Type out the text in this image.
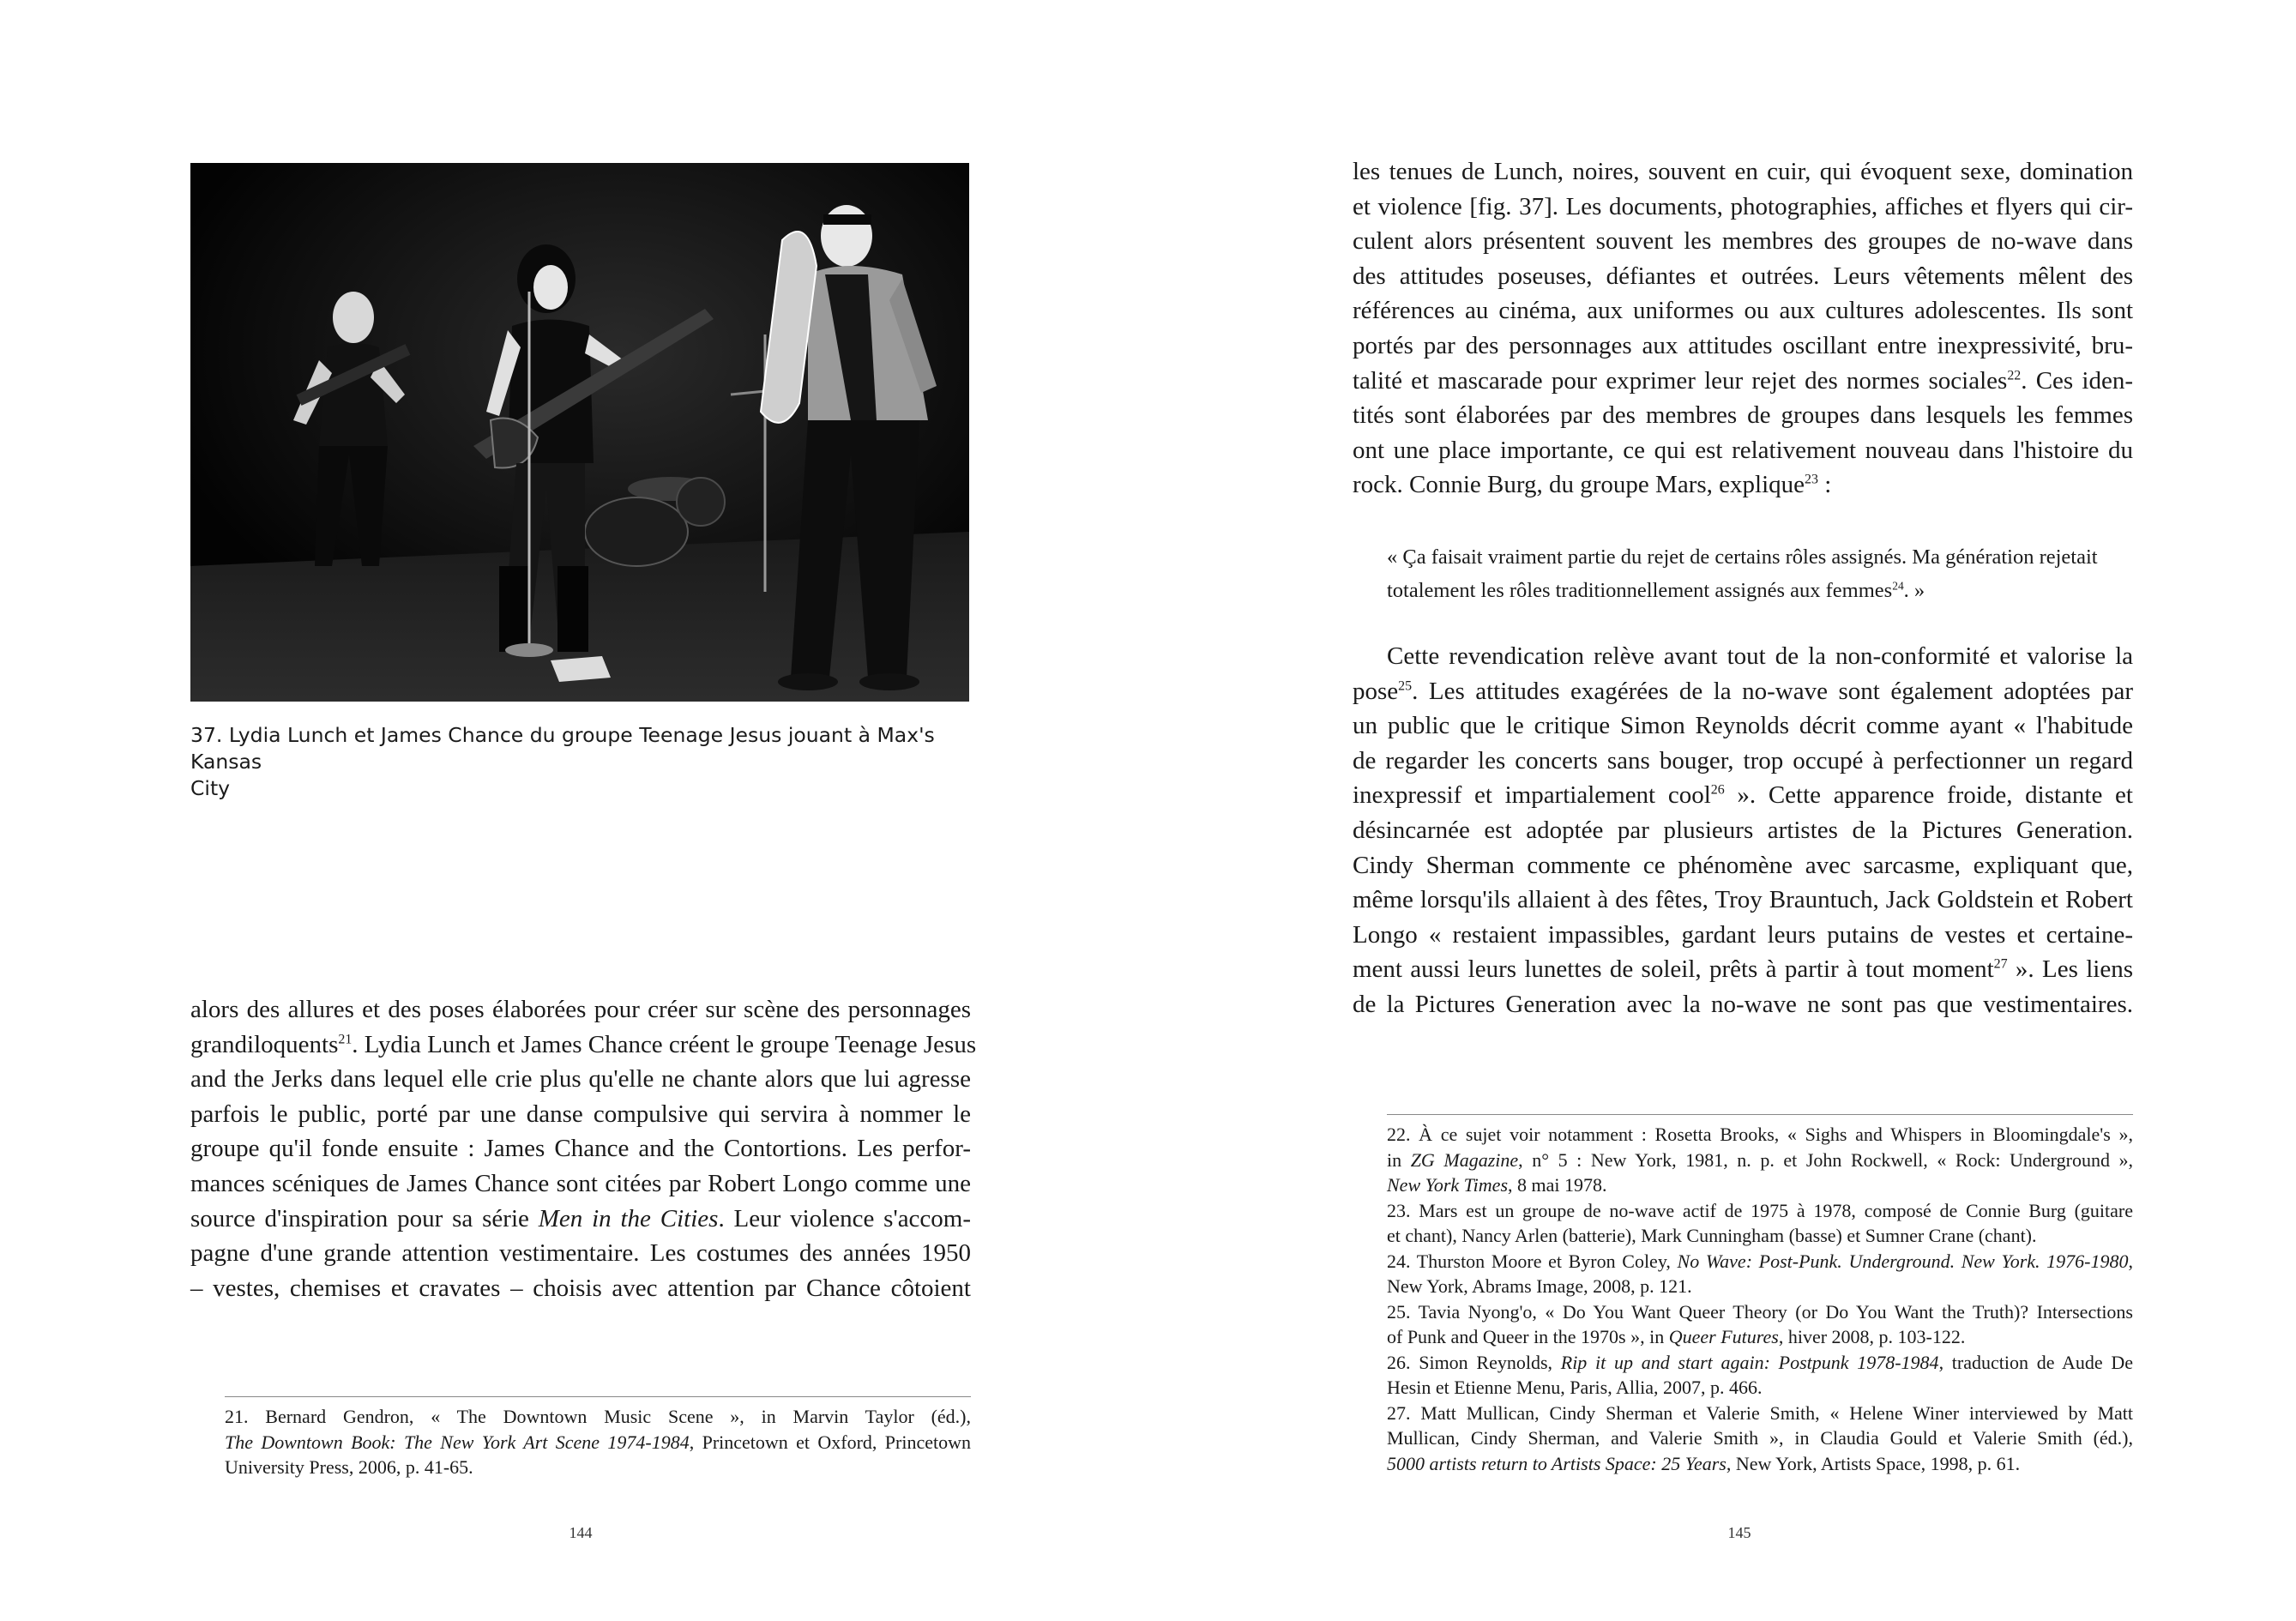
37. Lydia Lunch et James Chance du groupe Teenage Jesus jouant à Max's Kansas
City
alors des allures et des poses élaborées pour créer sur scène des personnages
grandiloquents$^{21}$. Lydia Lunch et James Chance créent le groupe Teenage Jesus
and the Jerks dans lequel elle crie plus qu'elle ne chante alors que lui agresse
parfois le public, porté par une danse compulsive qui servira à nommer le
groupe qu'il fonde ensuite : James Chance and the Contortions. Les perfor-
mances scéniques de James Chance sont citées par Robert Longo comme une
source d'inspiration pour sa série Men in the Cities. Leur violence s'accom-
pagne d'une grande attention vestimentaire. Les costumes des années 1950
– vestes, chemises et cravates – choisis avec attention par Chance côtoient
21. Bernard Gendron, « The Downtown Music Scene », in Marvin Taylor (éd.),
The Downtown Book: The New York Art Scene 1974-1984, Princetown et Oxford, Princetown
University Press, 2006, p. 41-65.
144
les tenues de Lunch, noires, souvent en cuir, qui évoquent sexe, domination
et violence [fig. 37]. Les documents, photographies, affiches et flyers qui cir-
culent alors présentent souvent les membres des groupes de no-wave dans
des attitudes poseuses, défiantes et outrées. Leurs vêtements mêlent des
références au cinéma, aux uniformes ou aux cultures adolescentes. Ils sont
portés par des personnages aux attitudes oscillant entre inexpressivité, bru-
talité et mascarade pour exprimer leur rejet des normes sociales$^{22}$. Ces iden-
tités sont élaborées par des membres de groupes dans lesquels les femmes
ont une place importante, ce qui est relativement nouveau dans l'histoire du
rock. Connie Burg, du groupe Mars, explique$^{23}$ :
« Ça faisait vraiment partie du rejet de certains rôles assignés. Ma génération rejetait
totalement les rôles traditionnellement assignés aux femmes$^{24}$. »
Cette revendication relève avant tout de la non-conformité et valorise la
pose$^{25}$. Les attitudes exagérées de la no-wave sont également adoptées par
un public que le critique Simon Reynolds décrit comme ayant « l'habitude
de regarder les concerts sans bouger, trop occupé à perfectionner un regard
inexpressif et impartialement cool$^{26}$ ». Cette apparence froide, distante et
désincarnée est adoptée par plusieurs artistes de la Pictures Generation.
Cindy Sherman commente ce phénomène avec sarcasme, expliquant que,
même lorsqu'ils allaient à des fêtes, Troy Brauntuch, Jack Goldstein et Robert
Longo « restaient impassibles, gardant leurs putains de vestes et certaine-
ment aussi leurs lunettes de soleil, prêts à partir à tout moment$^{27}$ ». Les liens
de la Pictures Generation avec la no-wave ne sont pas que vestimentaires.
22. À ce sujet voir notamment : Rosetta Brooks, « Sighs and Whispers in Bloomingdale's »,
in ZG Magazine, n° 5 : New York, 1981, n. p. et John Rockwell, « Rock: Underground »,
New York Times, 8 mai 1978.
23. Mars est un groupe de no-wave actif de 1975 à 1978, composé de Connie Burg (guitare
et chant), Nancy Arlen (batterie), Mark Cunningham (basse) et Sumner Crane (chant).
24. Thurston Moore et Byron Coley, No Wave: Post-Punk. Underground. New York. 1976-1980,
New York, Abrams Image, 2008, p. 121.
25. Tavia Nyong'o, « Do You Want Queer Theory (or Do You Want the Truth)? Intersections
of Punk and Queer in the 1970s », in Queer Futures, hiver 2008, p. 103-122.
26. Simon Reynolds, Rip it up and start again: Postpunk 1978-1984, traduction de Aude De
Hesin et Etienne Menu, Paris, Allia, 2007, p. 466.
27. Matt Mullican, Cindy Sherman et Valerie Smith, « Helene Winer interviewed by Matt
Mullican, Cindy Sherman, and Valerie Smith », in Claudia Gould et Valerie Smith (éd.),
5000 artists return to Artists Space: 25 Years, New York, Artists Space, 1998, p. 61.
145
